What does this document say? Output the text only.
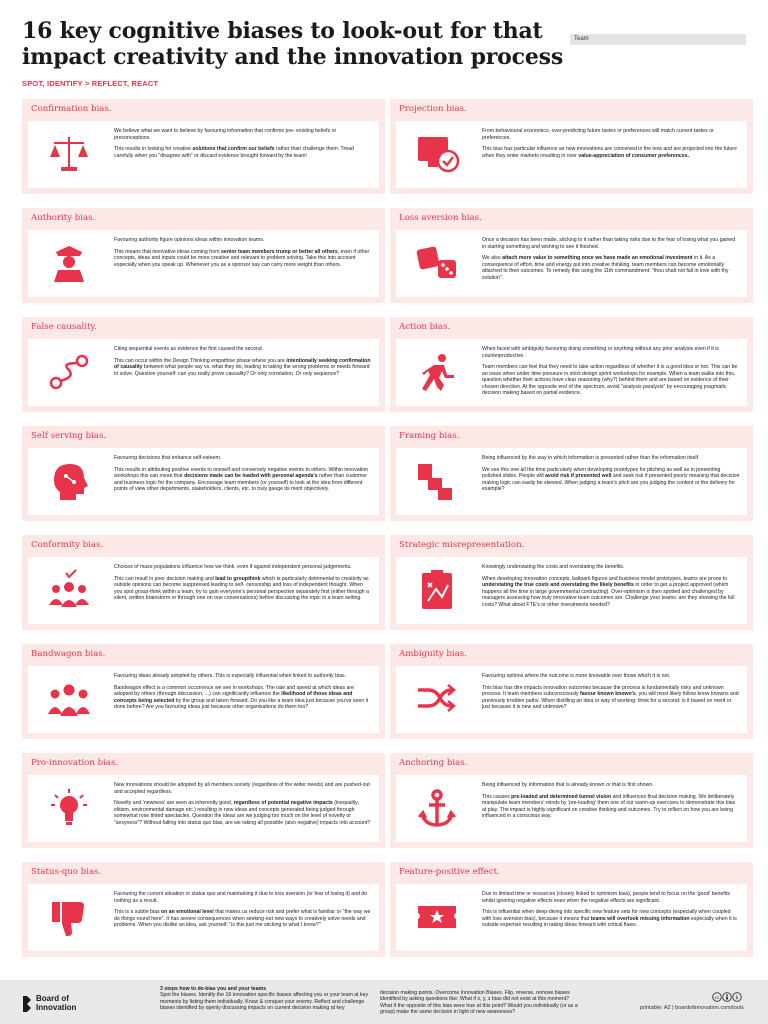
16 key cognitive biases to look-out for that impact creativity and the innovation process
Team
SPOT, IDENTIFY > REFLECT, REACT
Confirmation bias.

We believe what we want to believe by favouring information that confirms pre- existing beliefs or preconceptions.

This results in looking for creative solutions that confirm our beliefs rather than challenge them. Tread carefully when you "disagree with" or discard evidence brought forward by the team!

Projection bias.

From behavioural economics; over-predicting future tastes or preferences will match current tastes or preferences.

This bias has particular influence as new innovations are conceived in the now and are projected into the future when they enter markets resulting in over value-appreciation of consumer preferences.

Authority bias.

Favouring authority figure opinions ideas within innovation teams.

This means that innovative ideas coming from senior team members trump or better all others, even if other concepts, ideas and inputs could be more creative and relevant to problem solving. Take this into account especially when you speak up. Whenever you as a sponsor say can carry more weight than others.

Loss aversion bias.

Once a decision has been made, sticking to it rather than taking risks due to the fear of losing what you gained in starting something and wishing to see it finished.

We also attach more value to something once we have made an emotional investment in it. As a consequence of effort, time and energy put into creative thinking, team members can become emotionally attached to their outcomes. To remedy this using the 11th commandment: "thou shalt not fall in love with thy solution".

False causality.

Citing sequential events as evidence the first caused the second.

This can occur within the Design Thinking empathise phase where you are intentionally seeking confirmation of causality between what people say vs. what they do, leading to taking the wrong problems or needs forward to solve. Question yourself: can you really prove causality? Or only correlation. Or only sequence?

Action bias.

When faced with ambiguity favouring doing something or anything without any prior analysis even if it is counterproductive.

Team members can feel that they need to take action regardless of whether it is a good idea or not. This can be an issue when under time pressure in strict design sprint workshops for example. When a team walks into this, question whether their actions have clear reasoning (why?) behind them and are based on evidence of their chosen direction. At the opposite end of the spectrum, avoid "analysis paralysis" by encouraging pragmatic decision making based on partial evidence.

Self serving bias.

Favouring decisions that enhance self-esteem.

This results in attributing positive events to oneself and conversely negative events to others. Within innovation workshops this can mean that decisions made can be loaded with personal agenda's rather than customer and business logic for the company. Encourage team members (or yourself) to look at the idea from different points of view other departments, stakeholders, clients, etc. to truly gauge its merit objectively.

Framing bias.

Being influenced by the way in which information is presented rather than the information itself.

We see this one all the time particularly when developing prototypes for pitching as well as in presenting polished slides. People will avoid risk if presented well and seek risk if presented poorly meaning that decision making logic can easily be skewed. When judging a team's pitch are you judging the content or the delivery for example?

Conformity bias.

Choices of mass-populations influence how we think, even if against independent personal judgements.

This can result in poor decision making and lead to groupthink which is particularly detrimental to creativity as outside opinions can become suppressed leading to self- censorship and loss of independent thought. When you spot group-think within a team, try to gain everyone's personal perspective separately first (either through a silent, written brainstorm or through one on one conversations) before discussing the topic in a team setting.

Strategic misrepresentation.

Knowingly understating the costs and overstating the benefits.

When developing innovation concepts, ballpark figures and business model prototypes, teams are prone to understating the true costs and overstating the likely benefits in order to get a project approved (which happens all the time in large governmental contracting). Over-optimism is then spotted and challenged by managers assessing how truly innovative team outcomes are. Challenge your teams: are they showing the full costs? What about FTE's or other investments needed?

Bandwagon bias.

Favouring ideas already adopted by others. This is especially influential when linked to authority bias.

Bandwagon effect is a common occurrence we see in workshops. The rate and speed at which ideas are adopted by others (through discussion, ...) can significantly influence the likelihood of those ideas and concepts being selected by the group and taken forward. Do you like a team idea just because you've seen it done before? Are you favouring ideas just because other organisations do them too?

Ambiguity bias.

Favouring options where the outcome is more knowable over those which it is not.

This bias has dire impacts innovation outcomes because the process is fundamentally risky and unknown process. It team members subconsciously favour known known's, you will most likely follow know knowns and previously trodden paths. When distilling an idea or way of working: think for a second: is it based on merit or just because it is new and unknown?

Pro-innovation bias.

New innovations should be adopted by all members society (regardless of the wider needs) and are pushed-out and accepted regardless.

Novelty and 'newness' are seen as inherently good, regardless of potential negative impacts (inequality, elitism, environmental damage etc.) resulting in new ideas and concepts generated being judged through somewhat rose tinted spectacles. Question the ideas are we judging too much on the level of novelty or "sexyness"? Without falling into status quo bias, are we taking all possible (also negative) impacts into account?

Anchoring bias.

Being influenced by information that is already known or that is first shown.

This causes pre-loaded and determined tunnel vision and influences final decision making. We deliberately manipulate team members' minds by 'pre-loading' them one of our warm-up exercises to demonstrate this bias at play. The impact is highly-significant on creative thinking and outcomes. Try to reflect on how you are being influenced in a conscious way.

Status-quo bias.

Favouring the current situation or status quo and maintaining it due to loss aversion (or fear of losing it) and do nothing as a result.

This is a subtle bias on an emotional level that makes us reduce risk and prefer what is familiar or "the way we do things round here". It has severe consequences when seeking-out new ways to creatively solve needs and problems. When you dislike an idea, ask yourself: "is this just me sticking to what I know?"

Feature-positive effect.

Due to limited time or resources (closely linked to optimism bias), people tend to focus on the 'good' benefits whilst ignoring negative effects even when the negative effects are significant.

This is influential when deep-diving into specific new feature sets for new concepts (especially when coupled with loss aversion bias), because it means that teams will overlook missing information especially when it is outside expertise resulting in taking ideas forward with critical flaws.

Board of Innovation
3 steps how to de-bias you and your teams
Spot the biases. Identify the 16 innovation specific biases affecting you or your team at key moments by listing them individually. Know & conquer your enemy. Reflect and challenge biases identified by openly discussing impacts on current decision making at key
decision making points. Overcome Innovation Biases. Flip, reverse, remove biases identified by asking questions like: What if x, y, z bias did not exist at this moment? What if the opposite of this bias were true at this point? Would you individually (or as a group) make the same decision in light of new awareness?
cc	$
printable: A2 | boardofinnovation.com/tools
